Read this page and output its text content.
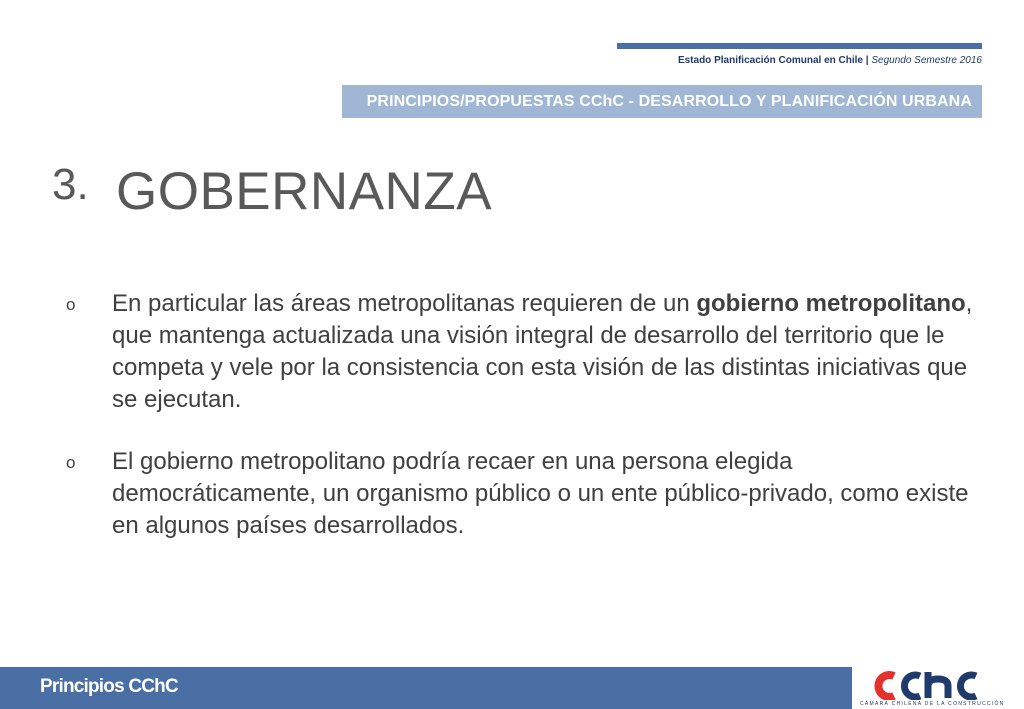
Estado Planificación Comunal en Chile | Segundo Semestre 2016
PRINCIPIOS/PROPUESTAS CChC - DESARROLLO Y PLANIFICACIÓN URBANA
3. GOBERNANZA
o En particular las áreas metropolitanas requieren de un gobierno metropolitano, que mantenga actualizada una visión integral de desarrollo del territorio que le competa y vele por la consistencia con esta visión de las distintas iniciativas que se ejecutan.
o El gobierno metropolitano podría recaer en una persona elegida democráticamente, un organismo público o un ente público-privado, como existe en algunos países desarrollados.
Principios CChC
CÁMARA CHILENA DE LA CONSTRUCCIÓN
